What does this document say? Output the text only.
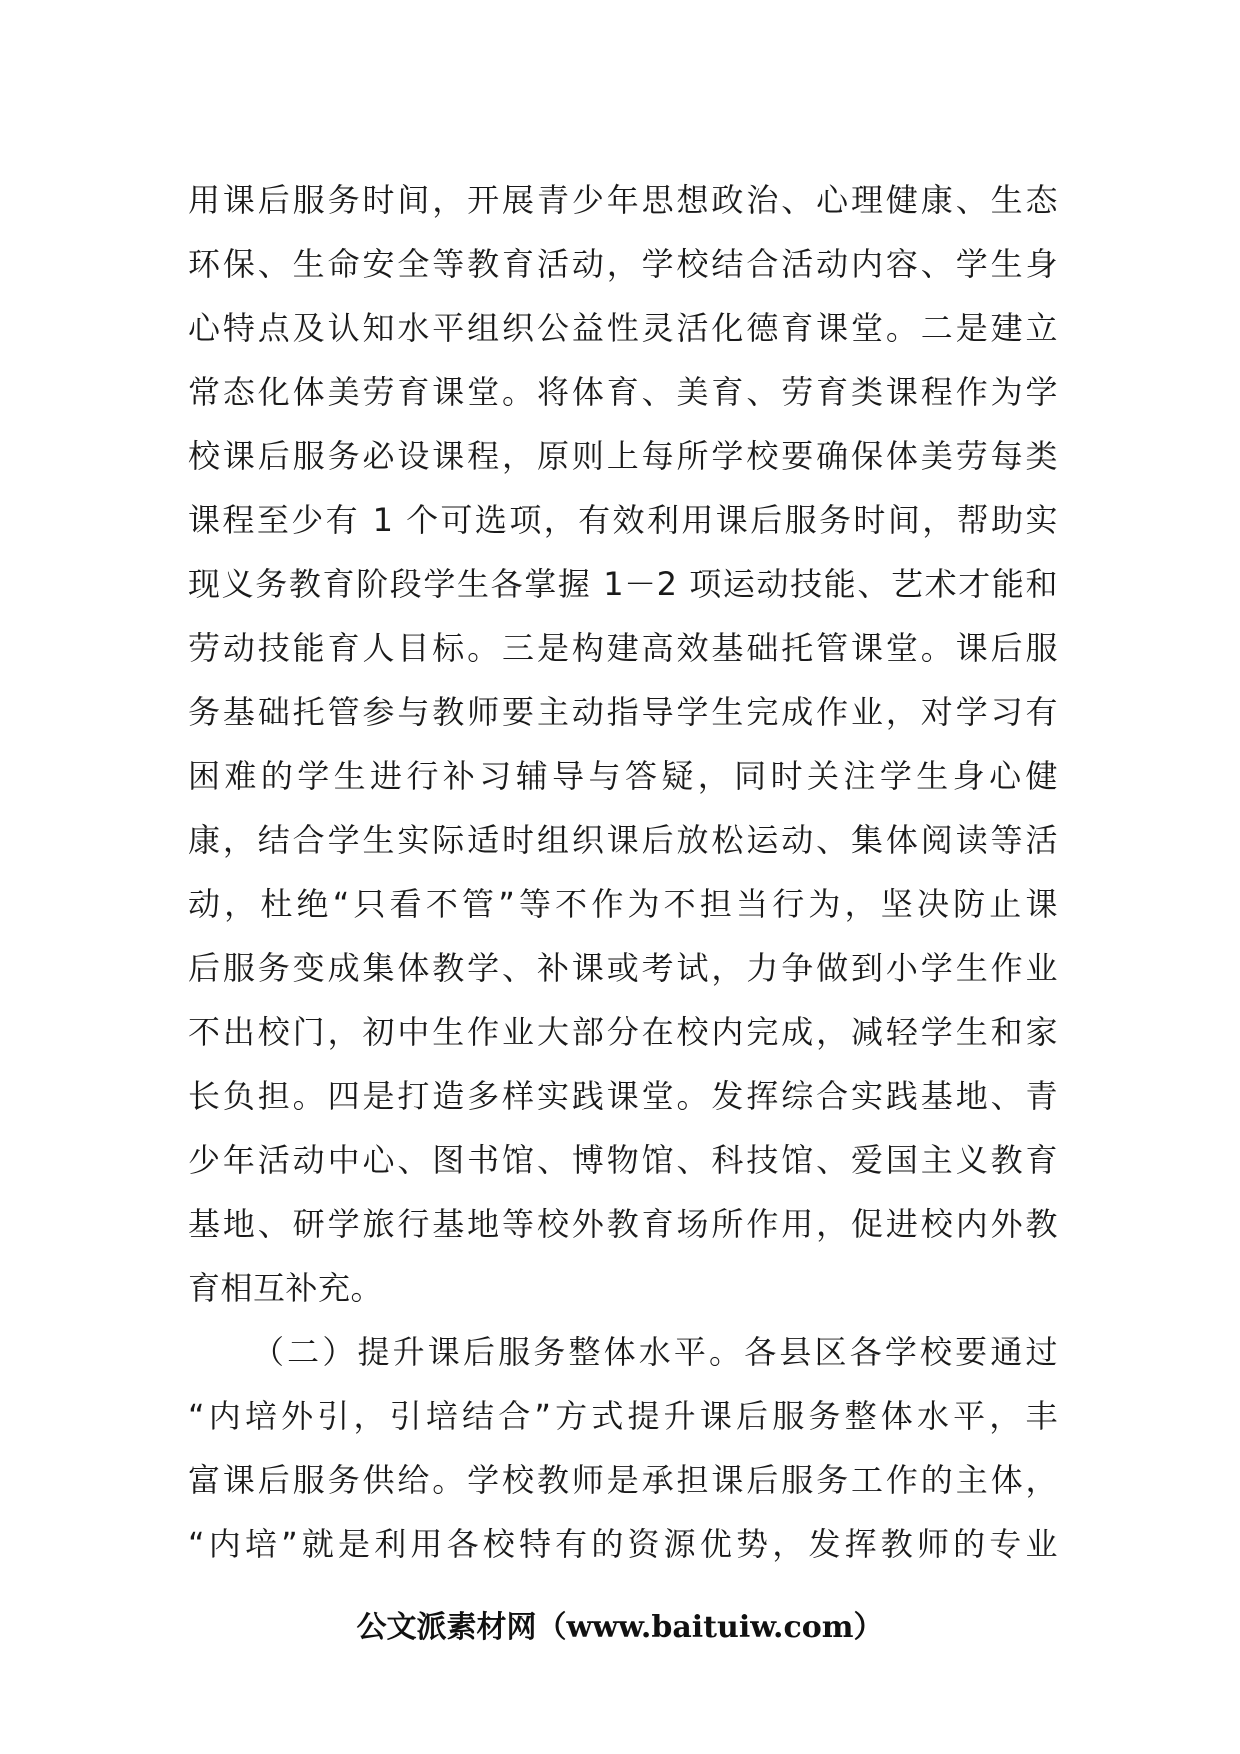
用课后服务时间，开展青少年思想政治、心理健康、生态
环保、生命安全等教育活动，学校结合活动内容、学生身
心特点及认知水平组织公益性灵活化德育课堂。二是建立
常态化体美劳育课堂。将体育、美育、劳育类课程作为学
校课后服务必设课程，原则上每所学校要确保体美劳每类
课程至少有 1 个可选项，有效利用课后服务时间，帮助实
现义务教育阶段学生各掌握 1－2 项运动技能、艺术才能和
劳动技能育人目标。三是构建高效基础托管课堂。课后服
务基础托管参与教师要主动指导学生完成作业，对学习有
困难的学生进行补习辅导与答疑，同时关注学生身心健
康，结合学生实际适时组织课后放松运动、集体阅读等活
动，杜绝“只看不管”等不作为不担当行为，坚决防止课
后服务变成集体教学、补课或考试，力争做到小学生作业
不出校门，初中生作业大部分在校内完成，减轻学生和家
长负担。四是打造多样实践课堂。发挥综合实践基地、青
少年活动中心、图书馆、博物馆、科技馆、爱国主义教育
基地、研学旅行基地等校外教育场所作用，促进校内外教
育相互补充。
（二）提升课后服务整体水平。各县区各学校要通过
“内培外引，引培结合”方式提升课后服务整体水平，丰
富课后服务供给。学校教师是承担课后服务工作的主体，
“内培”就是利用各校特有的资源优势，发挥教师的专业
公文派素材网（www.baituiw.com）
